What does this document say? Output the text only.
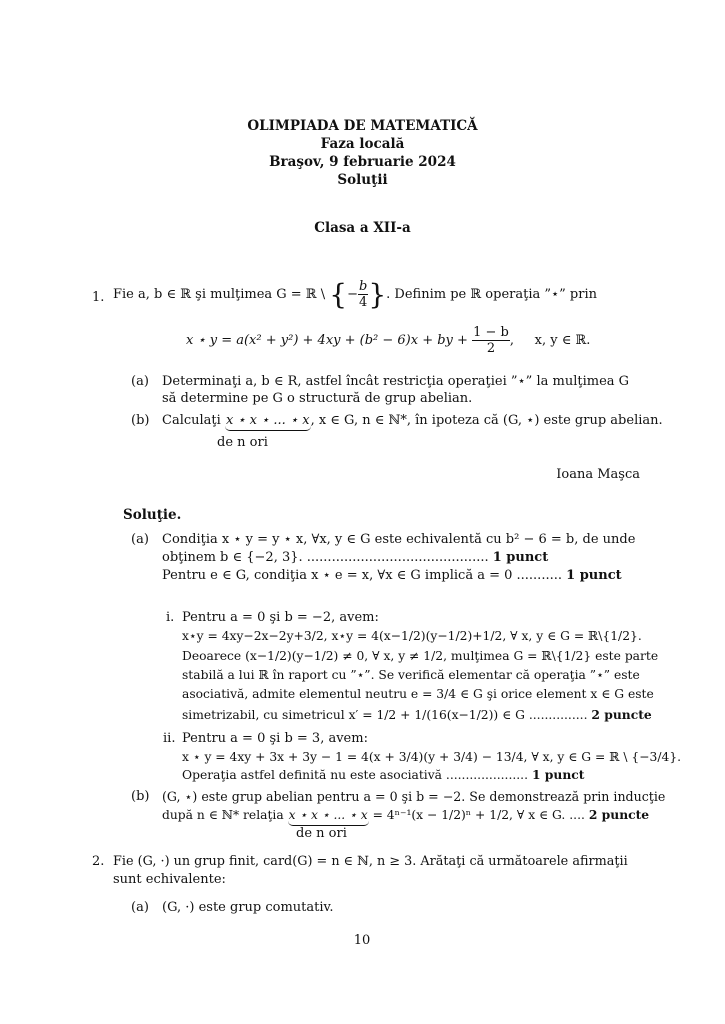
OLIMPIADA DE MATEMATICĂ
Faza locală
Braşov, 9 februarie 2024
Soluţii
Clasa a XII-a
1. Fie a, b ∈ ℝ şi mulţimea G = ℝ \ {− $\frac{b}{4}$ }. Definim pe ℝ operaţia ”⋆” prin
x ⋆ y = a(x² + y²) + 4xy + (b² − 6)x + by + $\frac{1 - b}{2}$ ,     x, y ∈ ℝ.
(a) Determinaţi a, b ∈ R, astfel încât restricţia operaţiei ”⋆” la mulţimea G să determine pe G o structură de grup abelian.
(b) Calculaţi x ⋆ x ⋆ ... ⋆ x, x ∈ G, n ∈ ℕ*, în ipoteza că (G, ⋆) este grup abelian.
de n ori
Ioana Maşca
Soluţie.
(a) Condiţia x ⋆ y = y ⋆ x, ∀x, y ∈ G este echivalentă cu b² − 6 = b, de unde
obţinem b ∈ {−2, 3}. ............................................ 1 punct
Pentru e ∈ G, condiţia x ⋆ e = x, ∀x ∈ G implică a = 0 ........... 1 punct
i. Pentru a = 0 şi b = −2, avem:
x⋆y = 4xy−2x−2y+3/2, x⋆y = 4(x−1/2)(y−1/2)+1/2, ∀ x, y ∈ G = ℝ\{1/2}.
Deoarece (x−1/2)(y−1/2) ≠ 0, ∀ x, y ≠ 1/2, mulţimea G = ℝ\{1/2} este parte
stabilă a lui ℝ în raport cu ”⋆”. Se verifică elementar că operaţia ”⋆” este
asociativă, admite elementul neutru e = 3/4 ∈ G şi orice element x ∈ G este
simetrizabil, cu simetricul x′ = 1/2 + 1/(16(x−1/2)) ∈ G ............... 2 puncte
ii. Pentru a = 0 şi b = 3, avem:
x ⋆ y = 4xy + 3x + 3y − 1 = 4(x + 3/4)(y + 3/4) − 13/4, ∀ x, y ∈ G = ℝ \ {−3/4}.
Operaţia astfel definită nu este asociativă ..................... 1 punct
(b) (G, ⋆) este grup abelian pentru a = 0 şi b = −2. Se demonstrează prin inducţie
după n ∈ ℕ* relaţia x ⋆ x ⋆ ... ⋆ x = 4ⁿ⁻¹(x − 1/2)ⁿ + 1/2, ∀ x ∈ G. .... 2 puncte
de n ori
2. Fie (G, ·) un grup finit, card(G) = n ∈ ℕ, n ≥ 3. Arătaţi că următoarele afirmaţii
sunt echivalente:
(a) (G, ·) este grup comutativ.
10
